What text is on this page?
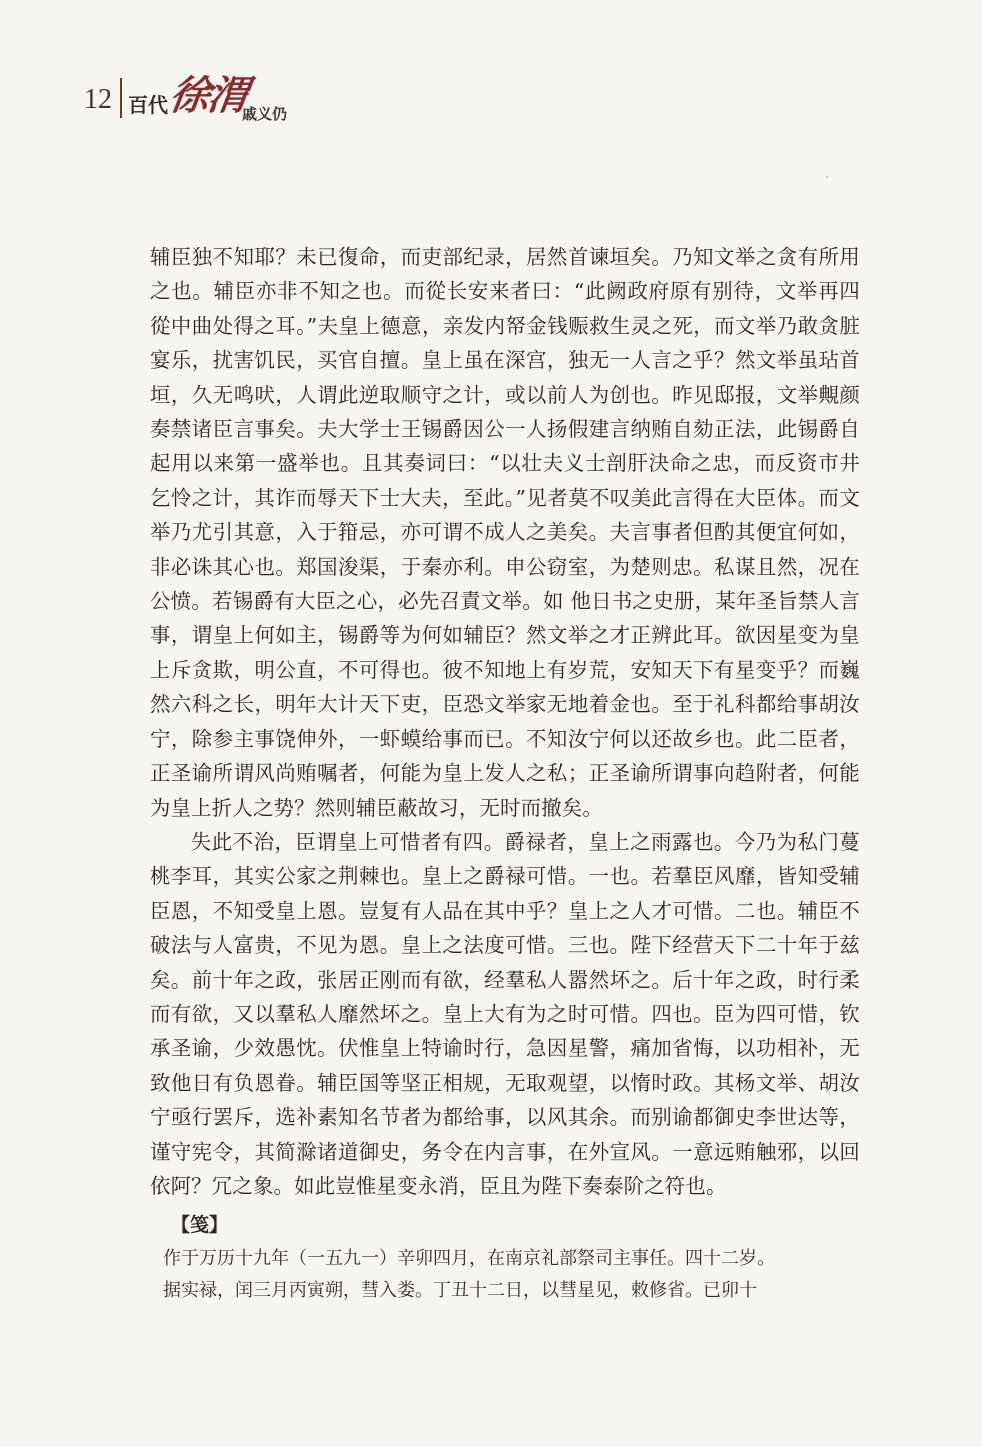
12 百代
徐渭
戚义仍

辅臣独不知耶？未已復命，而吏部纪录，居然首谏垣矣。乃知文举之贪有所用之也。辅臣亦非不知之也。而從长安来者曰：“此阙政府原有别待，文举再四從中曲处得之耳。”夫皇上德意，亲发内帑金钱赈救生灵之死，而文举乃敢贪脏宴乐，扰害饥民，买官自擅。皇上虽在深宫，独无一人言之乎？然文举虽玷首垣，久无鸣吠，人谓此逆取顺守之计，或以前人为创也。昨见邸报，文举覥颜奏禁诸臣言事矣。夫大学士王锡爵因公一人扬假建言纳贿自劾正法，此锡爵自起用以来第一盛举也。且其奏词曰：“以壮夫义士剖肝決命之忠，而反资市井乞怜之计，其诈而辱天下士大夫，至此。”见者莫不叹美此言得在大臣体。而文举乃尤引其意，入于箝忌，亦可谓不成人之美矣。夫言事者但酌其便宜何如，非必诛其心也。郑国浚渠，于秦亦利。申公窃室，为楚则忠。私谋且然，况在公愤。若锡爵有大臣之心，必先召責文举。如 他日书之史册，某年圣旨禁人言事，谓皇上何如主，锡爵等为何如辅臣？然文举之才正辨此耳。欲因星变为皇上斥贪欺，明公直，不可得也。彼不知地上有岁荒，安知天下有星变乎？而巍然六科之长，明年大计天下吏，臣恐文举家无地着金也。至于礼科都给事胡汝宁，除参主事饶伸外，一虾蟆给事而已。不知汝宁何以还故乡也。此二臣者，正圣谕所谓风尚贿嘱者，何能为皇上发人之私；正圣谕所谓事向趋附者，何能为皇上折人之势？然则辅臣蔽故习，无时而撤矣。

失此不治，臣谓皇上可惜者有四。爵禄者，皇上之雨露也。今乃为私门蔓桃李耳，其实公家之荆棘也。皇上之爵禄可惜。一也。若羣臣风靡，皆知受辅臣恩，不知受皇上恩。豈复有人品在其中乎？皇上之人才可惜。二也。辅臣不破法与人富贵，不见为恩。皇上之法度可惜。三也。陛下经营天下二十年于兹矣。前十年之政，张居正刚而有欲，经羣私人嚣然坏之。后十年之政，时行柔而有欲，又以羣私人靡然坏之。皇上大有为之时可惜。四也。臣为四可惜，钦承圣谕，少效愚忱。伏惟皇上特谕时行，急因星警，痛加省悔，以功相补，无致他日有负恩眷。辅臣国等坚正相规，无取观望，以惰时政。其杨文举、胡汝宁亟行罢斥，选补素知名节者为都给事，以风其余。而别谕都御史李世达等，谨守宪令，其简滁诸道御史，务令在内言事，在外宣风。一意远贿触邪，以回依阿？冗之象。如此豈惟星变永消，臣且为陛下奏泰阶之符也。

【笺】

作于万历十九年（一五九一）辛卯四月，在南京礼部祭司主事任。四十二岁。

据实禄，闰三月丙寅朔，彗入娄。丁丑十二日，以彗星见，敕修省。已卯十
